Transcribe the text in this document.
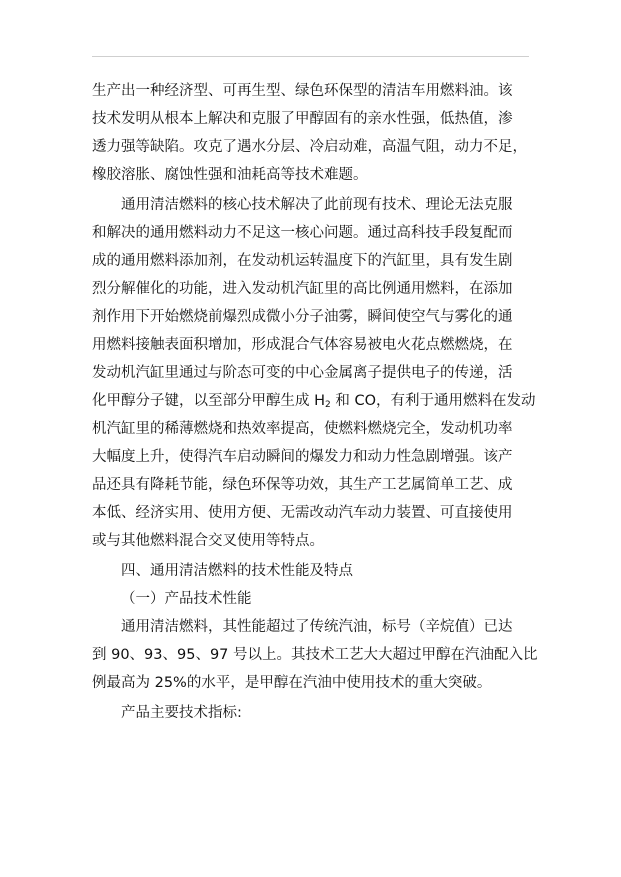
生产出一种经济型、可再生型、绿色环保型的清洁车用燃料油。该
技术发明从根本上解决和克服了甲醇固有的亲水性强，低热值，渗
透力强等缺陷。攻克了遇水分层、冷启动难，高温气阻，动力不足，
橡胶溶胀、腐蚀性强和油耗高等技术难题。
通用清洁燃料的核心技术解决了此前现有技术、理论无法克服
和解决的通用燃料动力不足这一核心问题。通过高科技手段复配而
成的通用燃料添加剂，在发动机运转温度下的汽缸里，具有发生剧
烈分解催化的功能，进入发动机汽缸里的高比例通用燃料，在添加
剂作用下开始燃烧前爆烈成微小分子油雾，瞬间使空气与雾化的通
用燃料接触表面积增加，形成混合气体容易被电火花点燃燃烧，在
发动机汽缸里通过与阶态可变的中心金属离子提供电子的传递，活
化甲醇分子键，以至部分甲醇生成 $H_2$ 和 CO，有利于通用燃料在发动
机汽缸里的稀薄燃烧和热效率提高，使燃料燃烧完全，发动机功率
大幅度上升，使得汽车启动瞬间的爆发力和动力性急剧增强。该产
品还具有降耗节能，绿色环保等功效，其生产工艺属简单工艺、成
本低、经济实用、使用方便、无需改动汽车动力装置、可直接使用
或与其他燃料混合交叉使用等特点。
四、通用清洁燃料的技术性能及特点
（一）产品技术性能
通用清洁燃料，其性能超过了传统汽油，标号（辛烷值）已达
到 90、93、95、97 号以上。其技术工艺大大超过甲醇在汽油配入比
例最高为 25%的水平，是甲醇在汽油中使用技术的重大突破。
产品主要技术指标:
